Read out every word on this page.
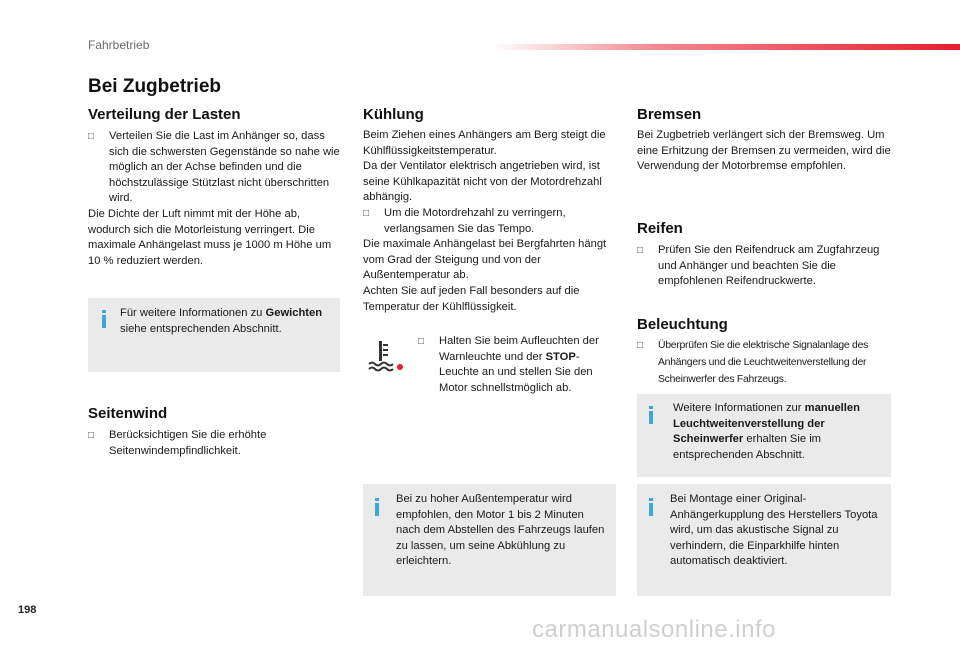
Fahrbetrieb
Bei Zugbetrieb
Verteilung der Lasten
□	Verteilen Sie die Last im Anhänger so, dass sich die schwersten Gegenstände so nahe wie möglich an der Achse befinden und die höchstzulässige Stützlast nicht überschritten wird.

Die Dichte der Luft nimmt mit der Höhe ab, wodurch sich die Motorleistung verringert. Die maximale Anhängelast muss je 1000 m Höhe um 10 % reduziert werden.

Für weitere Informationen zu Gewichten siehe entsprechenden Abschnitt.
Seitenwind
□	Berücksichtigen Sie die erhöhte Seitenwindempfindlichkeit.
Kühlung

Beim Ziehen eines Anhängers am Berg steigt die Kühlflüssigkeitstemperatur.

Da der Ventilator elektrisch angetrieben wird, ist seine Kühlkapazität nicht von der Motordrehzahl abhängig.

□	Um die Motordrehzahl zu verringern, verlangsamen Sie das Tempo.

Die maximale Anhängelast bei Bergfahrten hängt vom Grad der Steigung und von der Außentemperatur ab.

Achten Sie auf jeden Fall besonders auf die Temperatur der Kühlflüssigkeit.

□	Halten Sie beim Aufleuchten der Warnleuchte und der STOP-Leuchte an und stellen Sie den Motor schnellstmöglich ab.
Bei zu hoher Außentemperatur wird empfohlen, den Motor 1 bis 2 Minuten nach dem Abstellen des Fahrzeugs laufen zu lassen, um seine Abkühlung zu erleichtern.
Bremsen

Bei Zugbetrieb verlängert sich der Bremsweg. Um eine Erhitzung der Bremsen zu vermeiden, wird die Verwendung der Motorbremse empfohlen.

Reifen
□	Prüfen Sie den Reifendruck am Zugfahrzeug und Anhänger und beachten Sie die empfohlenen Reifendruckwerte.
Beleuchtung
□	Überprüfen Sie die elektrische Signalanlage des Anhängers und die Leuchtweitenverstellung der Scheinwerfer des Fahrzeugs.
Weitere Informationen zur manuellen Leuchtweitenverstellung der Scheinwerfer erhalten Sie im entsprechenden Abschnitt.
Bei Montage einer Original-Anhängerkupplung des Herstellers Toyota wird, um das akustische Signal zu verhindern, die Einparkhilfe hinten automatisch deaktiviert.
198
carmanualsonline.info
